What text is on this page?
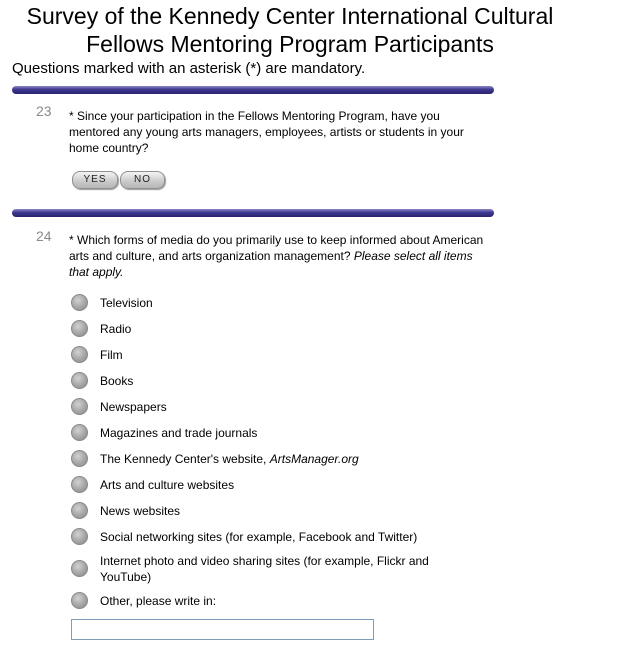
Survey of the Kennedy Center International Cultural
Fellows Mentoring Program Participants
Questions marked with an asterisk (*) are mandatory.
23 * Since your participation in the Fellows Mentoring Program, have you mentored any young arts managers, employees, artists or students in your home country?
YES	NO
24 * Which forms of media do you primarily use to keep informed about American arts and culture, and arts organization management? Please select all items that apply.
Television
Radio
Film
Books
Newspapers
Magazines and trade journals
The Kennedy Center's website, ArtsManager.org
Arts and culture websites
News websites
Social networking sites (for example, Facebook and Twitter)
Internet photo and video sharing sites (for example, Flickr and YouTube)
Other, please write in:
